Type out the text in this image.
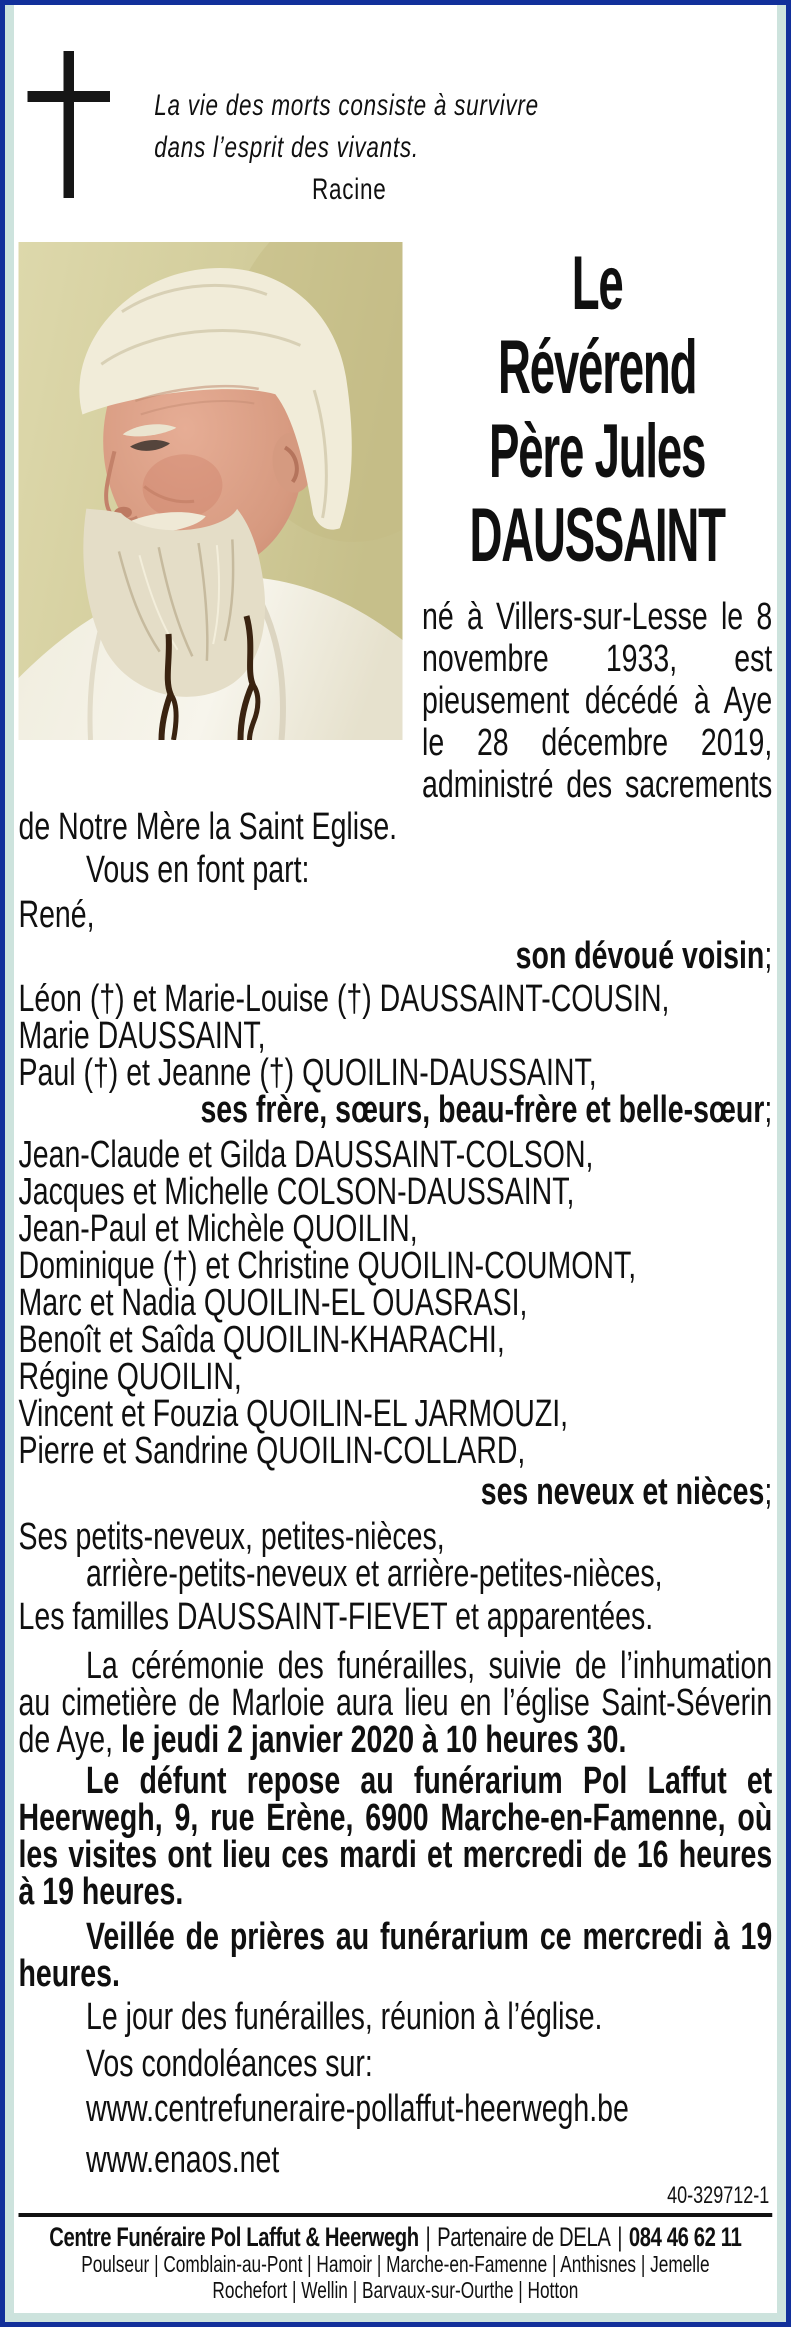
La vie des morts consiste à survivre
dans l’esprit des vivants.
Racine
Le
Révérend
Père Jules
DAUSSAINT

né à Villers-sur-Lesse le 8 novembre 1933, est pieusement décédé à Aye le 28 décembre 2019, administré des sacrements de Notre Mère la Saint Eglise.

Vous en font part:

René,

son dévoué voisin;

Léon (†) et Marie-Louise (†) DAUSSAINT-COUSIN,

Marie DAUSSAINT,

Paul (†) et Jeanne (†) QUOILIN-DAUSSAINT,

ses frère, sœurs, beau-frère et belle-sœur;

Jean-Claude et Gilda DAUSSAINT-COLSON,

Jacques et Michelle COLSON-DAUSSAINT,

Jean-Paul et Michèle QUOILIN,

Dominique (†) et Christine QUOILIN-COUMONT,

Marc et Nadia QUOILIN-EL OUASRASI,

Benoît et Saîda QUOILIN-KHARACHI,

Régine QUOILIN,

Vincent et Fouzia QUOILIN-EL JARMOUZI,

Pierre et Sandrine QUOILIN-COLLARD,

ses neveux et nièces;

Ses petits-neveux, petites-nièces,

arrière-petits-neveux et arrière-petites-nièces,

Les familles DAUSSAINT-FIEVET et apparentées.

La cérémonie des funérailles, suivie de l’inhumation au cimetière de Marloie aura lieu en l’église Saint-Séverin de Aye, le jeudi 2 janvier 2020 à 10 heures 30.

Le défunt repose au funérarium Pol Laffut et Heerwegh, 9, rue Erène, 6900 Marche-en-Famenne, où les visites ont lieu ces mardi et mercredi de 16 heures à 19 heures.

Veillée de prières au funérarium ce mercredi à 19 heures.

Le jour des funérailles, réunion à l’église.

Vos condoléances sur:

www.centrefuneraire-pollaffut-heerwegh.be

www.enaos.net

40-329712-1
Centre Funéraire Pol Laffut & Heerwegh | Partenaire de DELA | 084 46 62 11
Poulseur | Comblain-au-Pont | Hamoir | Marche-en-Famenne | Anthisnes | Jemelle
Rochefort | Wellin | Barvaux-sur-Ourthe | Hotton
